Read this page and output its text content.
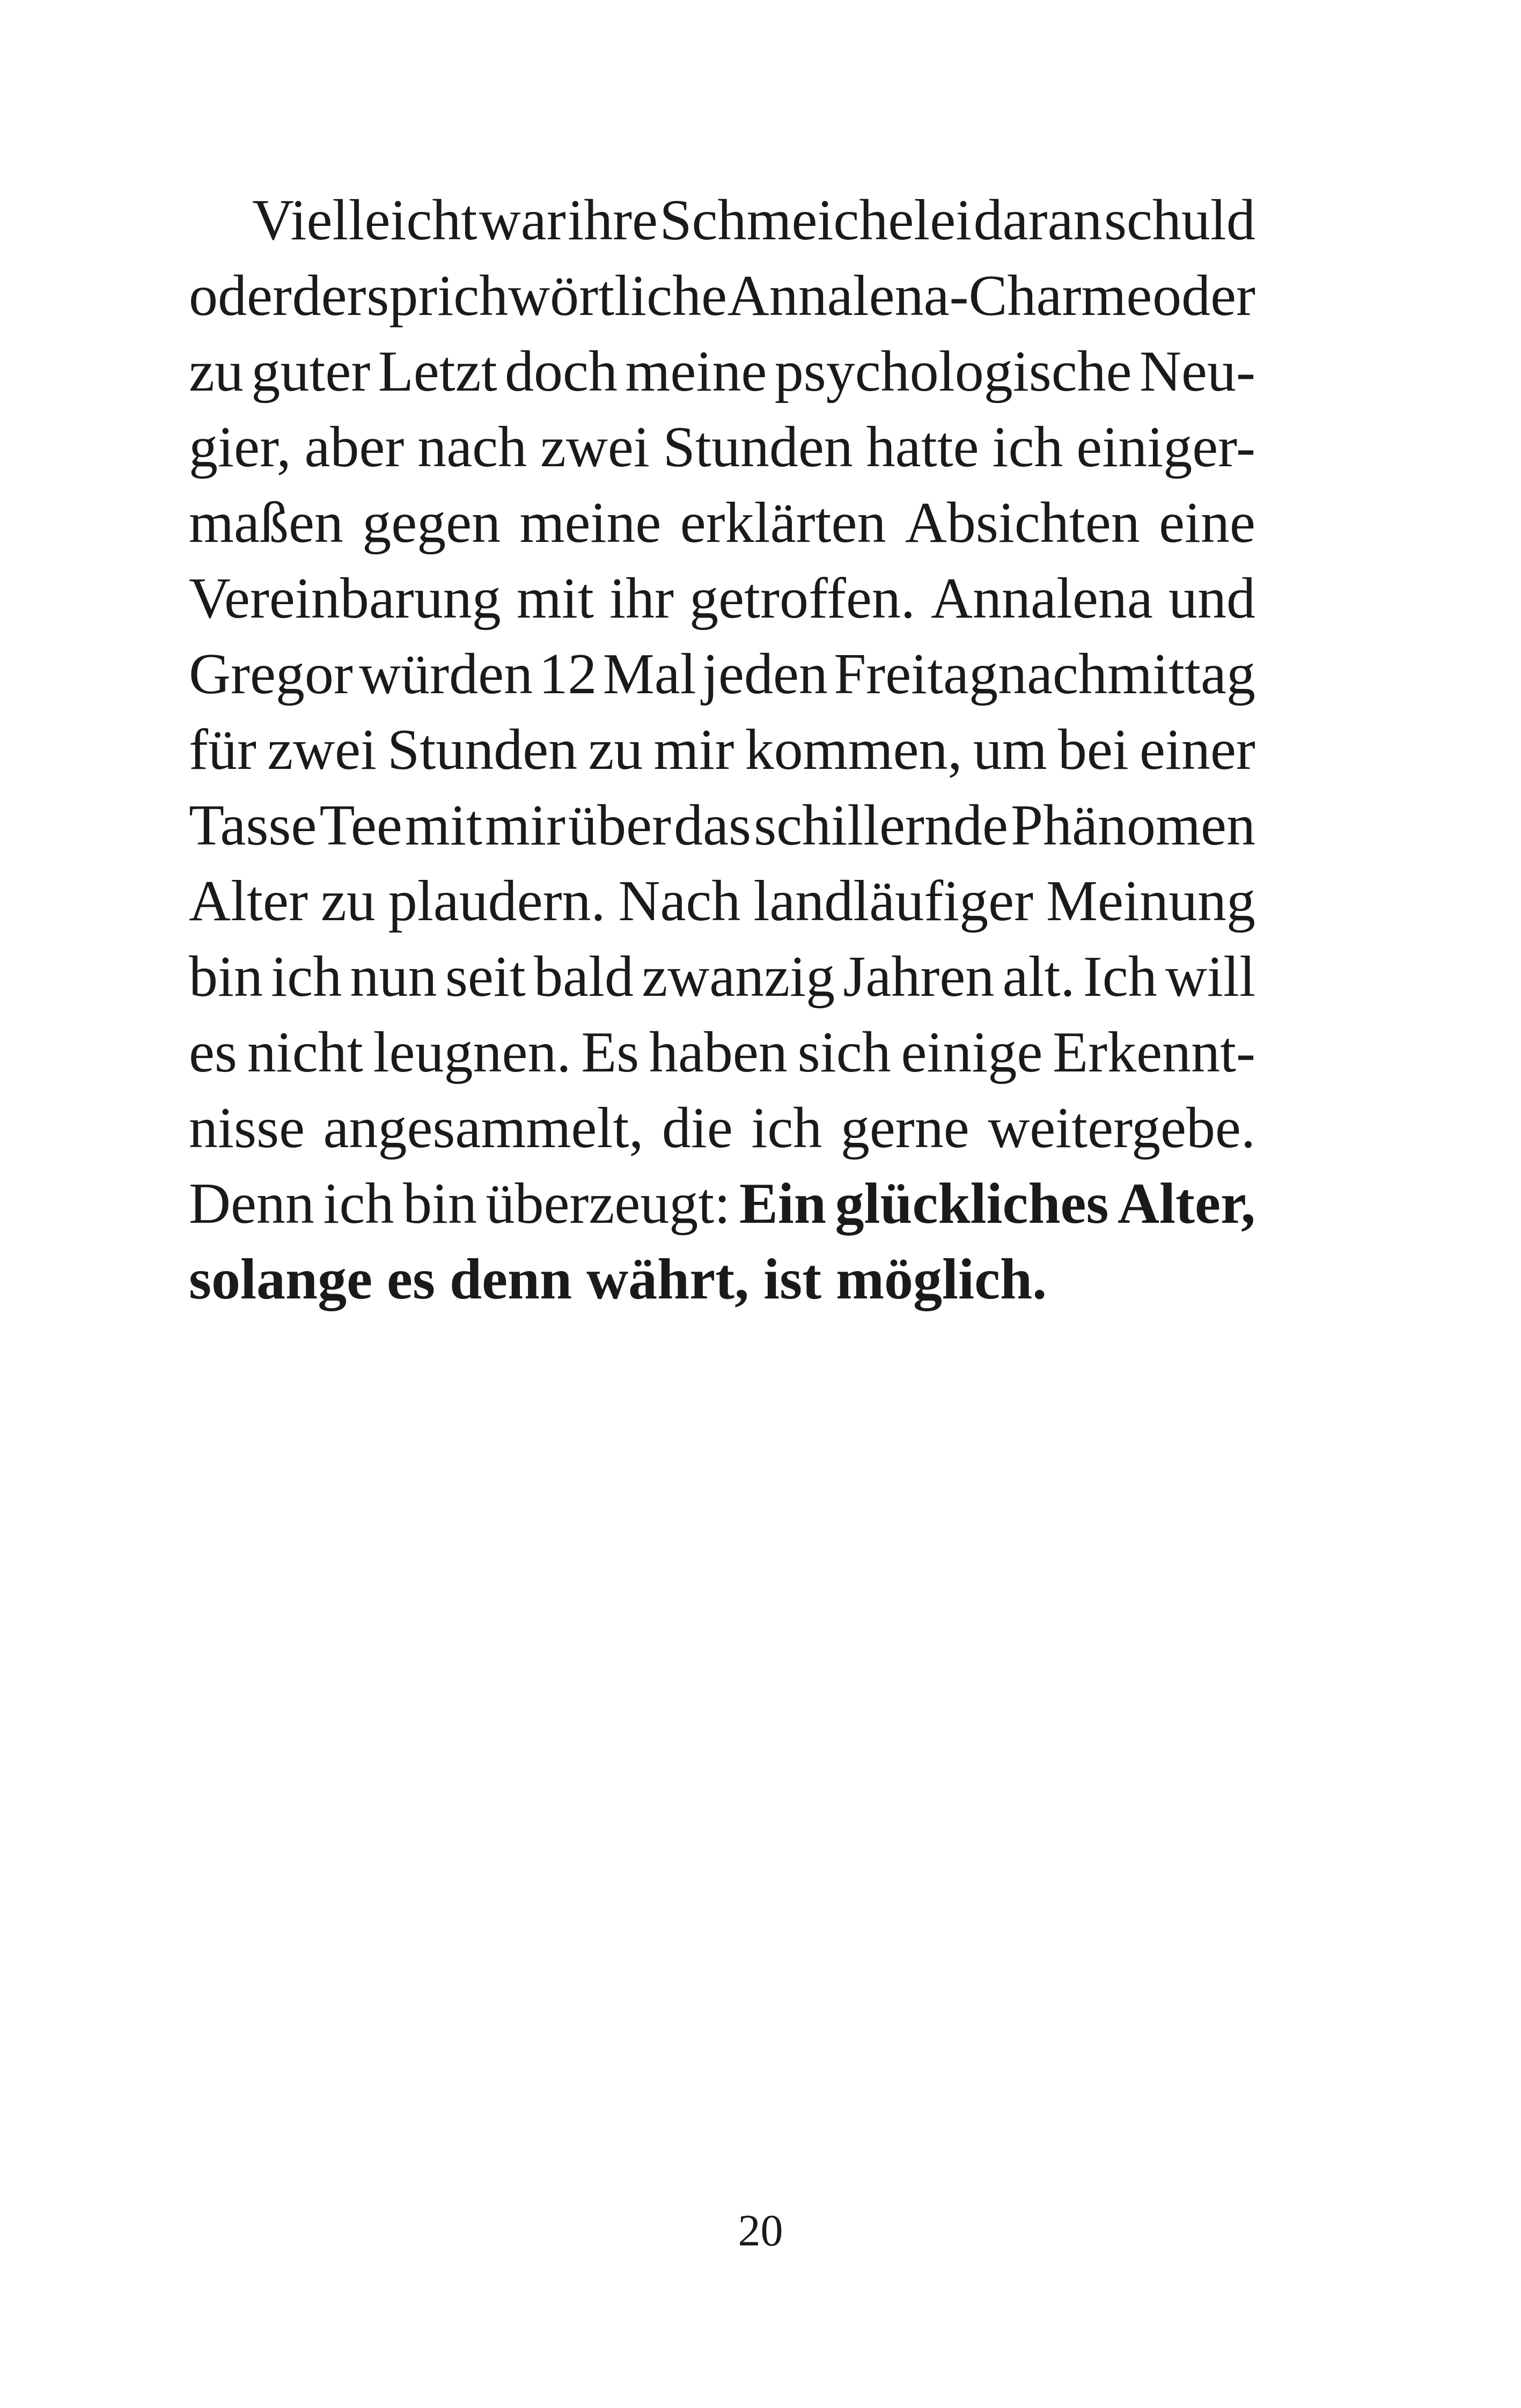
Vielleicht war ihre Schmeichelei daran schuld
oder der sprichwörtliche Annalena-Charme oder
zu guter Letzt doch meine psychologische Neu-
gier, aber nach zwei Stunden hatte ich einiger-
maßen gegen meine erklärten Absichten eine
Vereinbarung mit ihr getroffen. Annalena und
Gregor würden 12 Mal jeden Freitagnachmittag
für zwei Stunden zu mir kommen, um bei einer
Tasse Tee mit mir über das schillernde Phänomen
Alter zu plaudern. Nach landläufiger Meinung
bin ich nun seit bald zwanzig Jahren alt. Ich will
es nicht leugnen. Es haben sich einige Erkennt-
nisse angesammelt, die ich gerne weitergebe.
Denn ich bin überzeugt: Ein glückliches Alter,
solange es denn währt, ist möglich.
20
